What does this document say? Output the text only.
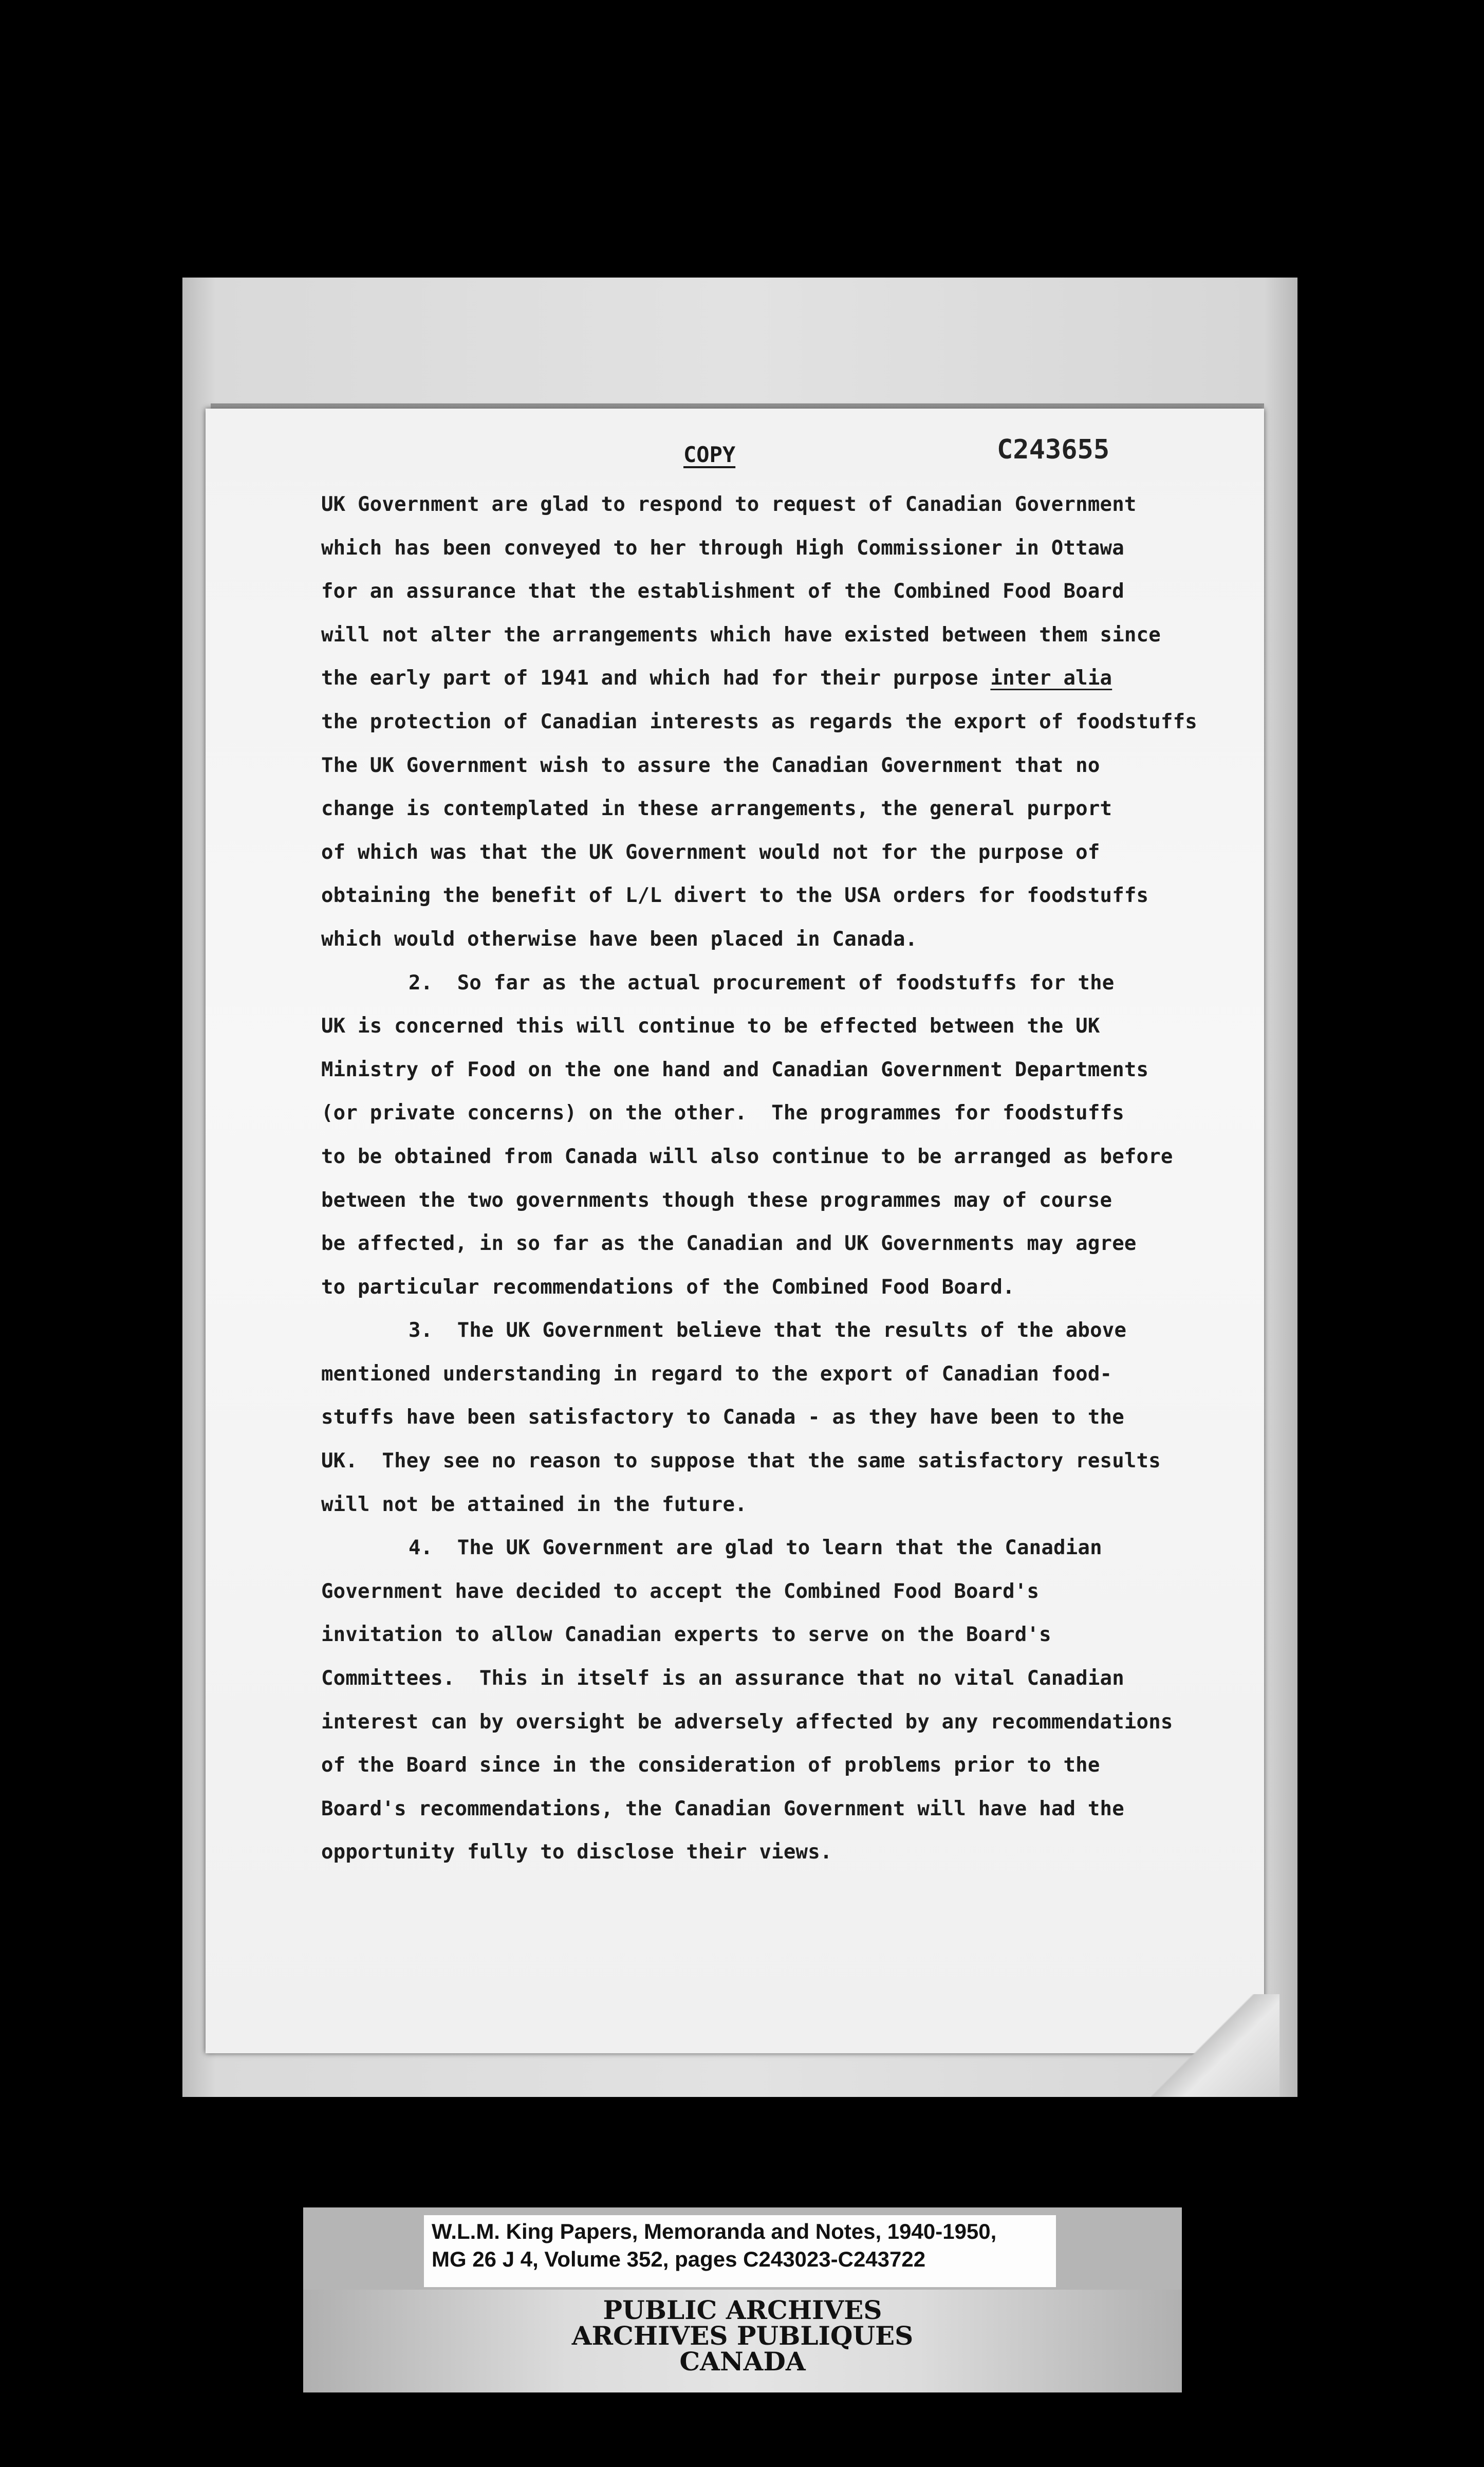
COPY	C243655
UK Government are glad to respond to request of Canadian Government
which has been conveyed to her through High Commissioner in Ottawa
for an assurance that the establishment of the Combined Food Board
will not alter the arrangements which have existed between them since
the early part of 1941 and which had for their purpose inter alia
the protection of Canadian interests as regards the export of foodstuffs
The UK Government wish to assure the Canadian Government that no
change is contemplated in these arrangements, the general purport
of which was that the UK Government would not for the purpose of
obtaining the benefit of L/L divert to the USA orders for foodstuffs
which would otherwise have been placed in Canada.
2.  So far as the actual procurement of foodstuffs for the
UK is concerned this will continue to be effected between the UK
Ministry of Food on the one hand and Canadian Government Departments
(or private concerns) on the other.  The programmes for foodstuffs
to be obtained from Canada will also continue to be arranged as before
between the two governments though these programmes may of course
be affected, in so far as the Canadian and UK Governments may agree
to particular recommendations of the Combined Food Board.
3.  The UK Government believe that the results of the above
mentioned understanding in regard to the export of Canadian food-
stuffs have been satisfactory to Canada - as they have been to the
UK.  They see no reason to suppose that the same satisfactory results
will not be attained in the future.
4.  The UK Government are glad to learn that the Canadian
Government have decided to accept the Combined Food Board's
invitation to allow Canadian experts to serve on the Board's
Committees.  This in itself is an assurance that no vital Canadian
interest can by oversight be adversely affected by any recommendations
of the Board since in the consideration of problems prior to the
Board's recommendations, the Canadian Government will have had the
opportunity fully to disclose their views.
W.L.M. King Papers, Memoranda and Notes, 1940-1950,
MG 26 J 4, Volume 352, pages C243023-C243722
PUBLIC ARCHIVES
ARCHIVES PUBLIQUES
CANADA
